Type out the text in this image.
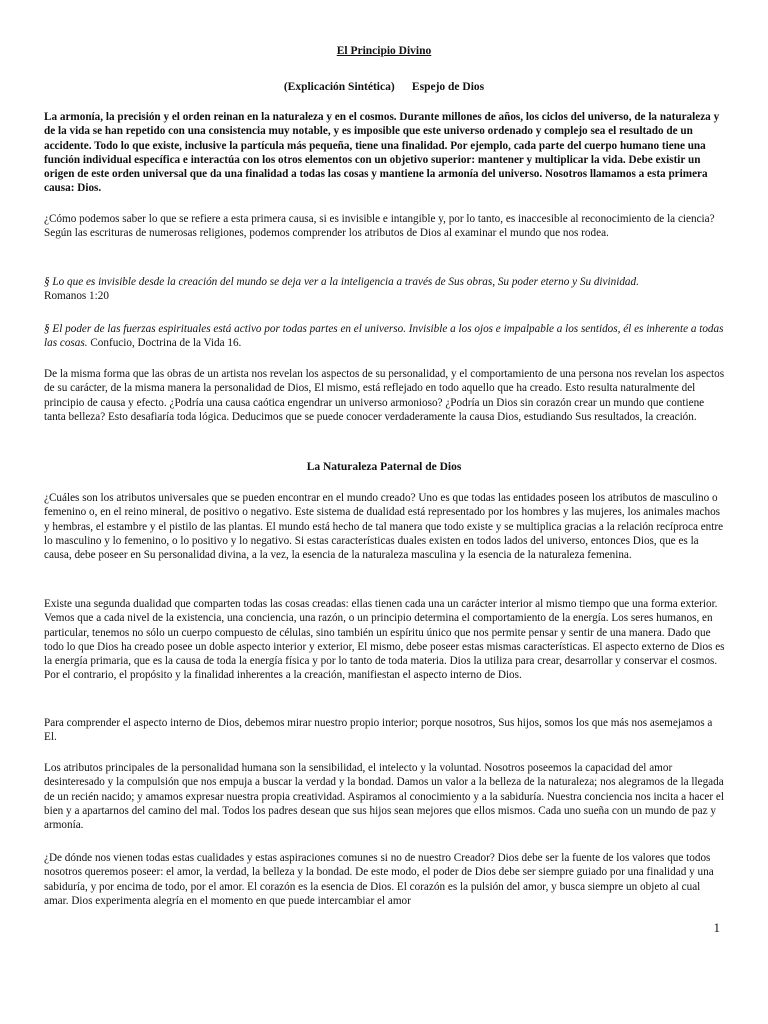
El Principio Divino
(Explicación Sintética)      Espejo de Dios

La armonía, la precisión y el orden reinan en la naturaleza y en el cosmos. Durante millones de años, los ciclos del universo, de la naturaleza y de la vida se han repetido con una consistencia muy notable, y es imposible que este universo ordenado y complejo sea el resultado de un accidente. Todo lo que existe, inclusive la partícula más pequeña, tiene una finalidad. Por ejemplo, cada parte del cuerpo humano tiene una función individual específica e interactúa con los otros elementos con un objetivo superior: mantener y multiplicar la vida. Debe existir un origen de este orden universal que da una finalidad a todas las cosas y mantiene la armonía del universo. Nosotros llamamos a esta primera causa: Dios.

¿Cómo podemos saber lo que se refiere a esta primera causa, si es invisible e intangible y, por lo tanto, es inaccesible al reconocimiento de la ciencia? Según las escrituras de numerosas religiones, podemos comprender los atributos de Dios al examinar el mundo que nos rodea.

§ Lo que es invisible desde la creación del mundo se deja ver a la inteligencia a través de Sus obras, Su poder eterno y Su divinidad.
Romanos 1:20

§ El poder de las fuerzas espirituales está activo por todas partes en el universo. Invisible a los ojos e impalpable a los sentidos, él es inherente a todas las cosas. Confucio, Doctrina de la Vida 16.

De la misma forma que las obras de un artista nos revelan los aspectos de su personalidad, y el comportamiento de una persona nos revelan los aspectos de su carácter, de la misma manera la personalidad de Dios, El mismo, está reflejado en todo aquello que ha creado. Esto resulta naturalmente del principio de causa y efecto. ¿Podría una causa caótica engendrar un universo armonioso? ¿Podría un Dios sin corazón crear un mundo que contiene tanta belleza? Esto desafiaría toda lógica. Deducimos que se puede conocer verdaderamente la causa Dios, estudiando Sus resultados, la creación.

La Naturaleza Paternal de Dios

¿Cuáles son los atributos universales que se pueden encontrar en el mundo creado? Uno es que todas las entidades poseen los atributos de masculino o femenino o, en el reino mineral, de positivo o negativo. Este sistema de dualidad está representado por los hombres y las mujeres, los animales machos y hembras, el estambre y el pistilo de las plantas. El mundo está hecho de tal manera que todo existe y se multiplica gracias a la relación recíproca entre lo masculino y lo femenino, o lo positivo y lo negativo. Si estas características duales existen en todos lados del universo, entonces Dios, que es la causa, debe poseer en Su personalidad divina, a la vez, la esencia de la naturaleza masculina y la esencia de la naturaleza femenina.

Existe una segunda dualidad que comparten todas las cosas creadas: ellas tienen cada una un carácter interior al mismo tiempo que una forma exterior. Vemos que a cada nivel de la existencia, una conciencia, una razón, o un principio determina el comportamiento de la energía. Los seres humanos, en particular, tenemos no sólo un cuerpo compuesto de células, sino también un espíritu único que nos permite pensar y sentir de una manera. Dado que todo lo que Dios ha creado posee un doble aspecto interior y exterior, El mismo, debe poseer estas mismas características. El aspecto externo de Dios es la energía primaria, que es la causa de toda la energía física y por lo tanto de toda materia. Dios la utiliza para crear, desarrollar y conservar el cosmos. Por el contrario, el propósito y la finalidad inherentes a la creación, manifiestan el aspecto interno de Dios.

Para comprender el aspecto interno de Dios, debemos mirar nuestro propio interior; porque nosotros, Sus hijos, somos los que más nos asemejamos a El.

Los atributos principales de la personalidad humana son la sensibilidad, el intelecto y la voluntad. Nosotros poseemos la capacidad del amor desinteresado y la compulsión que nos empuja a buscar la verdad y la bondad. Damos un valor a la belleza de la naturaleza; nos alegramos de la llegada de un recién nacido; y amamos expresar nuestra propia creatividad. Aspiramos al conocimiento y a la sabiduría. Nuestra conciencia nos incita a hacer el bien y a apartarnos del camino del mal. Todos los padres desean que sus hijos sean mejores que ellos mismos. Cada uno sueña con un mundo de paz y armonía.

¿De dónde nos vienen todas estas cualidades y estas aspiraciones comunes si no de nuestro Creador? Dios debe ser la fuente de los valores que todos nosotros queremos poseer: el amor, la verdad, la belleza y la bondad. De este modo, el poder de Dios debe ser siempre guiado por una finalidad y una sabiduría, y por encima de todo, por el amor. El corazón es la esencia de Dios. El corazón es la pulsión del amor, y busca siempre un objeto al cual amar. Dios experimenta alegría en el momento en que puede intercambiar el amor

1
